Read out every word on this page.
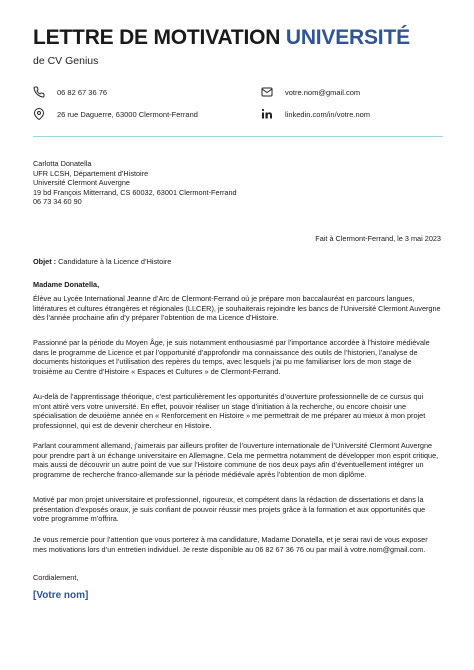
LETTRE DE MOTIVATION UNIVERSITÉ
de CV Genius
06 82 67 36 76
26 rue Daguerre, 63000 Clermont-Ferrand
votre.nom@gmail.com
linkedin.com/in/votre.nom
Carlotta Donatella
UFR LCSH, Département d’Histoire
Université Clermont Auvergne
19 bd François Mitterrand, CS 60032, 63001 Clermont-Ferrand
06 73 34 60 90
Fait à Clermont-Ferrand, le 3 mai 2023
Objet : Candidature à la Licence d’Histoire
Madame Donatella,
Élève au Lycée International Jeanne d’Arc de Clermont-Ferrand où je prépare mon baccalauréat en parcours langues, littératures et cultures étrangères et régionales (LLCER), je souhaiterais rejoindre les bancs de l’Université Clermont Auvergne dès l’année prochaine afin d’y préparer l’obtention de ma Licence d’Histoire.
Passionné par la période du Moyen Âge, je suis notamment enthousiasmé par l’importance accordée à l’histoire médiévale dans le programme de Licence et par l’opportunité d’approfondir ma connaissance des outils de l’historien, l’analyse de documents historiques et l’utilisation des repères du temps, avec lesquels j’ai pu me familiariser lors de mon stage de troisième au Centre d’Histoire « Espaces et Cultures » de Clermont-Ferrand.
Au-delà de l’apprentissage théorique, c’est particulièrement les opportunités d’ouverture professionnelle de ce cursus qui m’ont attiré vers votre université. En effet, pouvoir réaliser un stage d’initiation à la recherche, ou encore choisir une spécialisation de deuxième année en « Renforcement en Histoire » me permettrait de me préparer au mieux à mon projet professionnel, qui est de devenir chercheur en Histoire.
Parlant couramment allemand, j’aimerais par ailleurs profiter de l’ouverture internationale de l’Université Clermont Auvergne pour prendre part à un échange universitaire en Allemagne. Cela me permettra notamment de développer mon esprit critique, mais aussi de découvrir un autre point de vue sur l’Histoire commune de nos deux pays afin d’éventuellement intégrer un programme de recherche franco-allemande sur la période médiévale après l’obtention de mon diplôme.
Motivé par mon projet universitaire et professionnel, rigoureux, et compétent dans la rédaction de dissertations et dans la présentation d’exposés oraux, je suis confiant de pouvoir réussir mes projets grâce à la formation et aux opportunités que votre programme m’offrira.
Je vous remercie pour l’attention que vous porterez à ma candidature, Madame Donatella, et je serai ravi de vous exposer mes motivations lors d’un entretien individuel. Je reste disponible au 06 82 67 36 76 ou par mail à votre.nom@gmail.com.
Cordialement,
[Votre nom]
